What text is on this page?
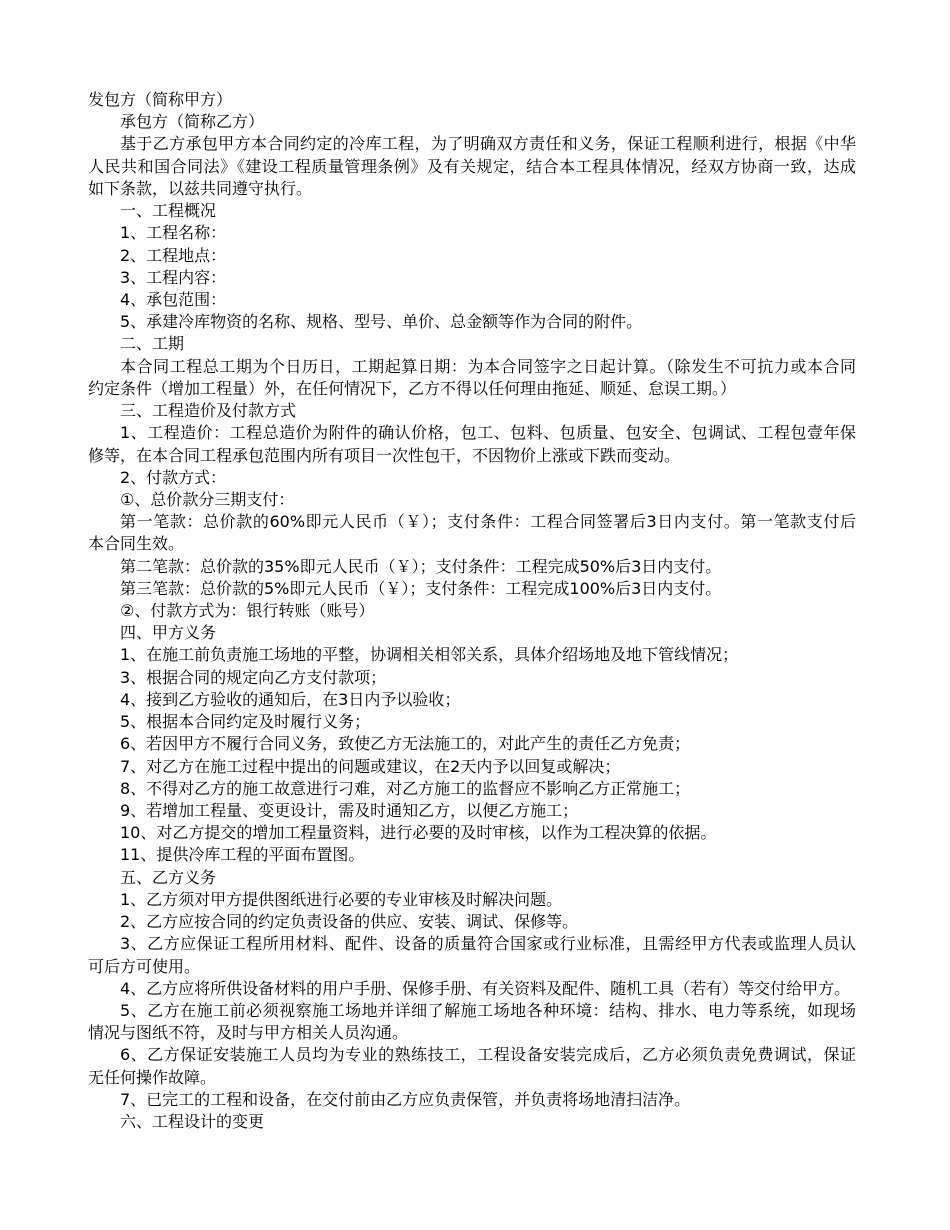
发包方（简称甲方）
承包方（简称乙方）
基于乙方承包甲方本合同约定的冷库工程，为了明确双方责任和义务，保证工程顺利进行，根据《中华
人民共和国合同法》《建设工程质量管理条例》及有关规定，结合本工程具体情况，经双方协商一致，达成
如下条款，以兹共同遵守执行。
一、工程概况
1、工程名称：
2、工程地点：
3、工程内容：
4、承包范围：
5、承建冷库物资的名称、规格、型号、单价、总金额等作为合同的附件。
二、工期
本合同工程总工期为个日历日，工期起算日期：为本合同签字之日起计算。（除发生不可抗力或本合同
约定条件（增加工程量）外，在任何情况下，乙方不得以任何理由拖延、顺延、怠误工期。）
三、工程造价及付款方式
1、工程造价：工程总造价为附件的确认价格，包工、包料、包质量、包安全、包调试、工程包壹年保
修等，在本合同工程承包范围内所有项目一次性包干，不因物价上涨或下跌而变动。
2、付款方式：
①、总价款分三期支付：
第一笔款：总价款的60%即元人民币（￥）；支付条件：工程合同签署后3日内支付。第一笔款支付后
本合同生效。
第二笔款：总价款的35%即元人民币（￥）；支付条件：工程完成50%后3日内支付。
第三笔款：总价款的5%即元人民币（￥）；支付条件：工程完成100%后3日内支付。
②、付款方式为：银行转账（账号）
四、甲方义务
1、在施工前负责施工场地的平整，协调相关相邻关系，具体介绍场地及地下管线情况；
3、根据合同的规定向乙方支付款项；
4、接到乙方验收的通知后，在3日内予以验收；
5、根据本合同约定及时履行义务；
6、若因甲方不履行合同义务，致使乙方无法施工的，对此产生的责任乙方免责；
7、对乙方在施工过程中提出的问题或建议，在2天内予以回复或解决；
8、不得对乙方的施工故意进行刁难，对乙方施工的监督应不影响乙方正常施工；
9、若增加工程量、变更设计，需及时通知乙方，以便乙方施工；
10、对乙方提交的增加工程量资料，进行必要的及时审核，以作为工程决算的依据。
11、提供冷库工程的平面布置图。
五、乙方义务
1、乙方须对甲方提供图纸进行必要的专业审核及时解决问题。
2、乙方应按合同的约定负责设备的供应、安装、调试、保修等。
3、乙方应保证工程所用材料、配件、设备的质量符合国家或行业标准，且需经甲方代表或监理人员认
可后方可使用。
4、乙方应将所供设备材料的用户手册、保修手册、有关资料及配件、随机工具（若有）等交付给甲方。
5、乙方在施工前必须视察施工场地并详细了解施工场地各种环境：结构、排水、电力等系统，如现场
情况与图纸不符，及时与甲方相关人员沟通。
6、乙方保证安装施工人员均为专业的熟练技工，工程设备安装完成后，乙方必须负责免费调试，保证
无任何操作故障。
7、已完工的工程和设备，在交付前由乙方应负责保管，并负责将场地清扫洁净。
六、工程设计的变更
